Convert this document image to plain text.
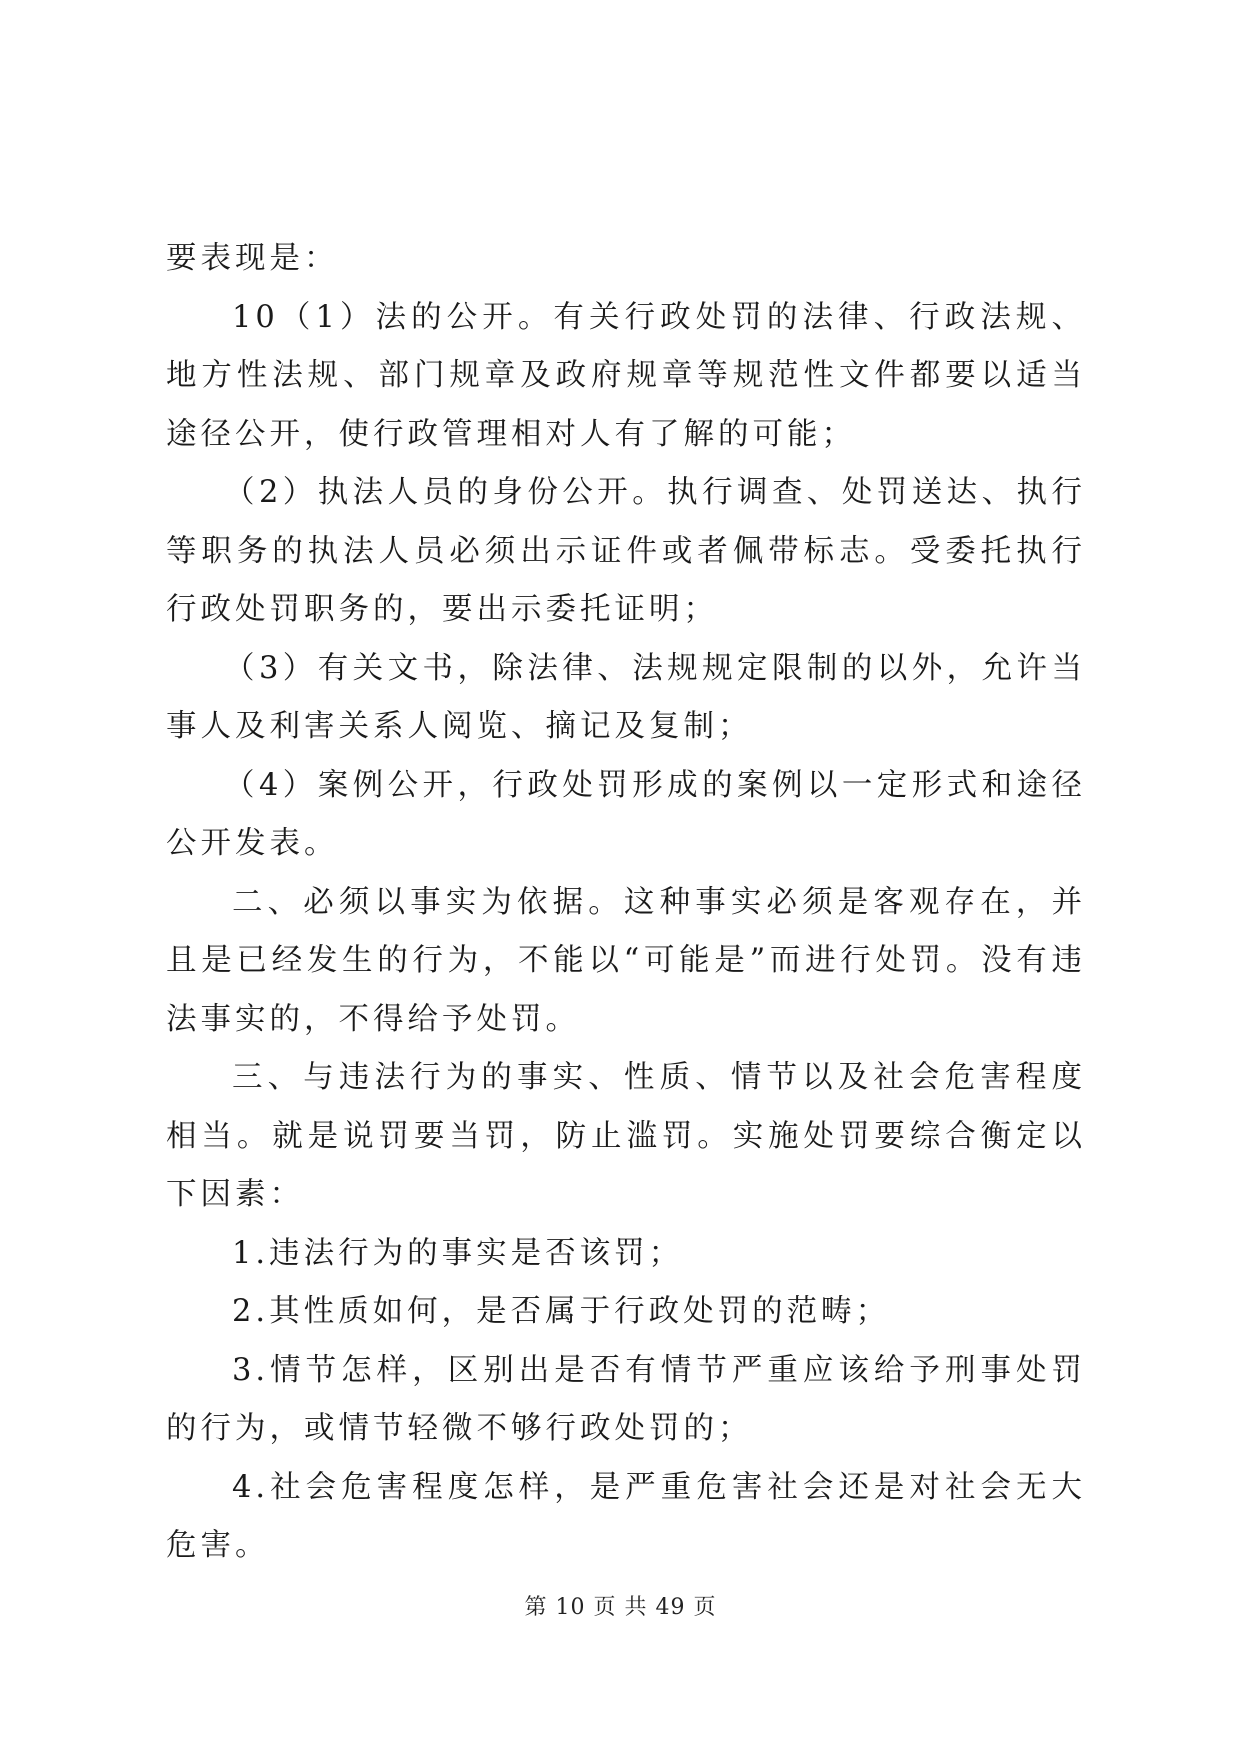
要表现是：

10（1）法的公开。有关行政处罚的法律、行政法规、地方性法规、部门规章及政府规章等规范性文件都要以适当途径公开，使行政管理相对人有了解的可能；

（2）执法人员的身份公开。执行调查、处罚送达、执行等职务的执法人员必须出示证件或者佩带标志。受委托执行行政处罚职务的，要出示委托证明；

（3）有关文书，除法律、法规规定限制的以外，允许当事人及利害关系人阅览、摘记及复制；

（4）案例公开，行政处罚形成的案例以一定形式和途径公开发表。

二、必须以事实为依据。这种事实必须是客观存在，并且是已经发生的行为，不能以“可能是”而进行处罚。没有违法事实的，不得给予处罚。

三、与违法行为的事实、性质、情节以及社会危害程度相当。就是说罚要当罚，防止滥罚。实施处罚要综合衡定以下因素：

1.违法行为的事实是否该罚；

2.其性质如何，是否属于行政处罚的范畴；

3.情节怎样，区别出是否有情节严重应该给予刑事处罚的行为，或情节轻微不够行政处罚的；

4.社会危害程度怎样，是严重危害社会还是对社会无大危害。

第 10 页 共 49 页
